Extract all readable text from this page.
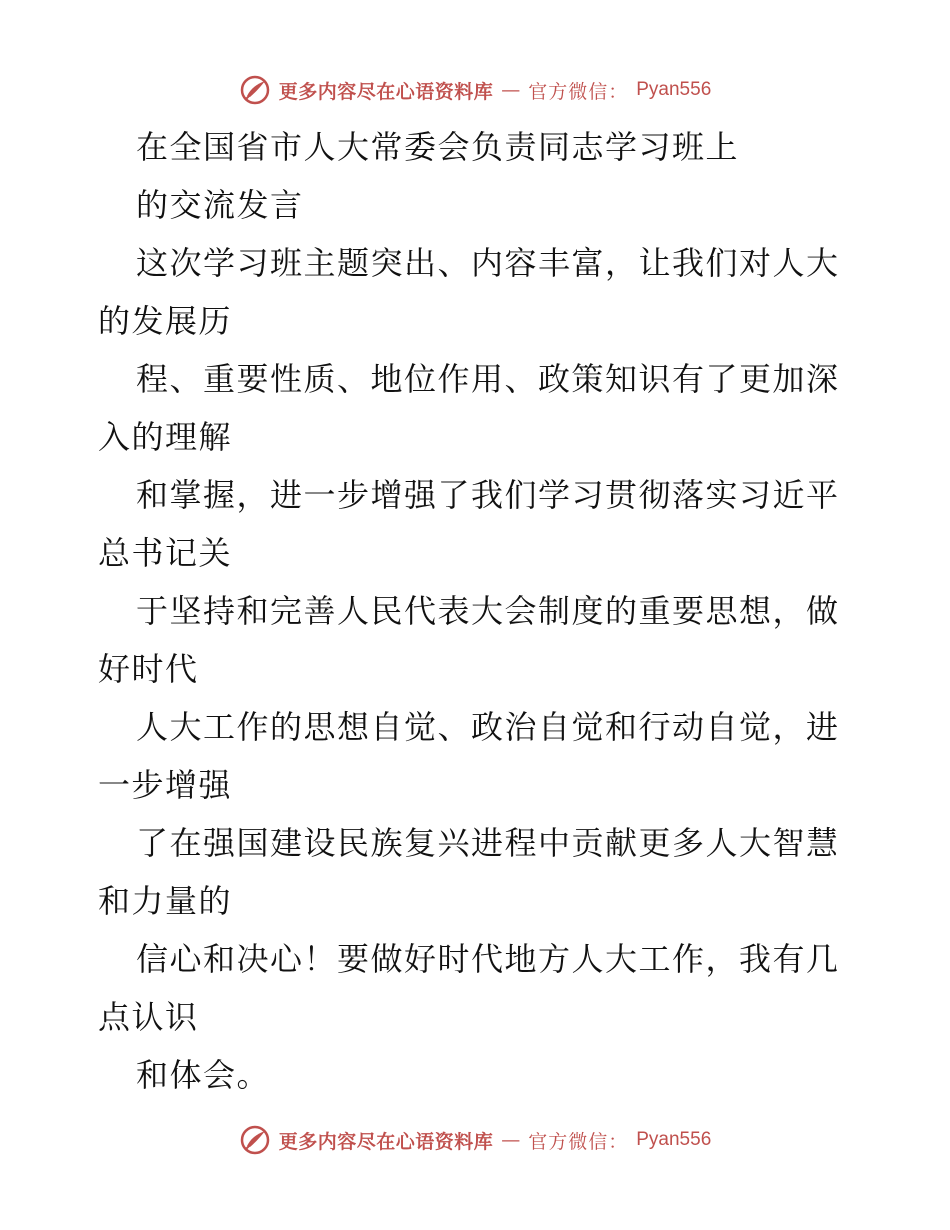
更多内容尽在心语资料库 — 官方微信： Pyan556
在全国省市人大常委会负责同志学习班上
的交流发言
这次学习班主题突出、内容丰富，让我们对人大
的发展历
程、重要性质、地位作用、政策知识有了更加深
入的理解
和掌握，进一步增强了我们学习贯彻落实习近平
总书记关
于坚持和完善人民代表大会制度的重要思想，做
好时代
人大工作的思想自觉、政治自觉和行动自觉，进
一步增强
了在强国建设民族复兴进程中贡献更多人大智慧
和力量的
信心和决心！要做好时代地方人大工作，我有几
点认识
和体会。
更多内容尽在心语资料库 — 官方微信： Pyan556
